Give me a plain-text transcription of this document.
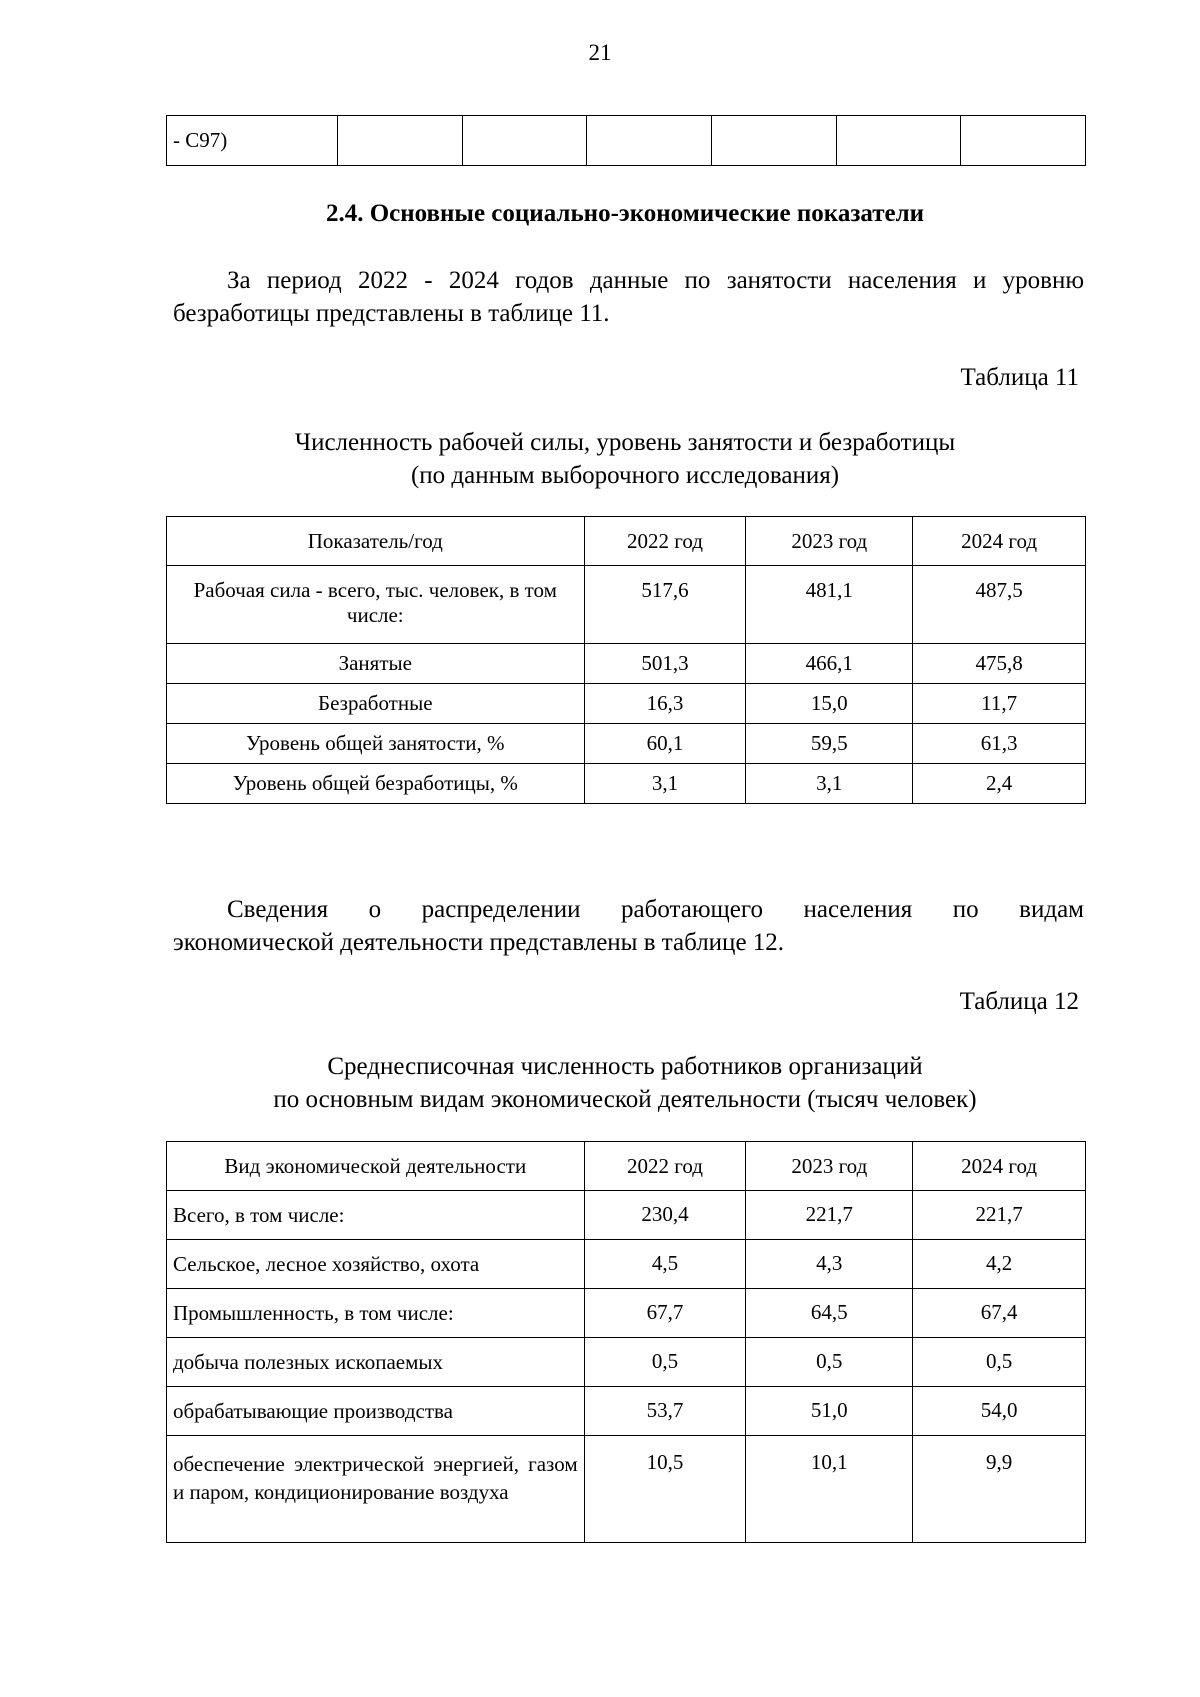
21
- С97)						
2.4. Основные социально-экономические показатели
За период 2022 - 2024 годов данные по занятости населения и уровню
безработицы представлены в таблице 11.
Таблица 11
Численность рабочей силы, уровень занятости и безработицы
(по данным выборочного исследования)
Показатель/год	2022 год	2023 год	2024 год
Рабочая сила - всего, тыс. человек, в том числе:	517,6	481,1	487,5
Занятые	501,3	466,1	475,8
Безработные	16,3	15,0	11,7
Уровень общей занятости, %	60,1	59,5	61,3
Уровень общей безработицы, %	3,1	3,1	2,4
Сведения о распределении работающего населения по видам
экономической деятельности представлены в таблице 12.
Таблица 12
Среднесписочная численность работников организаций
по основным видам экономической деятельности (тысяч человек)
Вид экономической деятельности	2022 год	2023 год	2024 год
Всего, в том числе:	230,4	221,7	221,7
Сельское, лесное хозяйство, охота	4,5	4,3	4,2
Промышленность, в том числе:	67,7	64,5	67,4
добыча полезных ископаемых	0,5	0,5	0,5
обрабатывающие производства	53,7	51,0	54,0
обеспечение электрической энергией, газом и паром, кондиционирование воздуха	10,5	10,1	9,9
